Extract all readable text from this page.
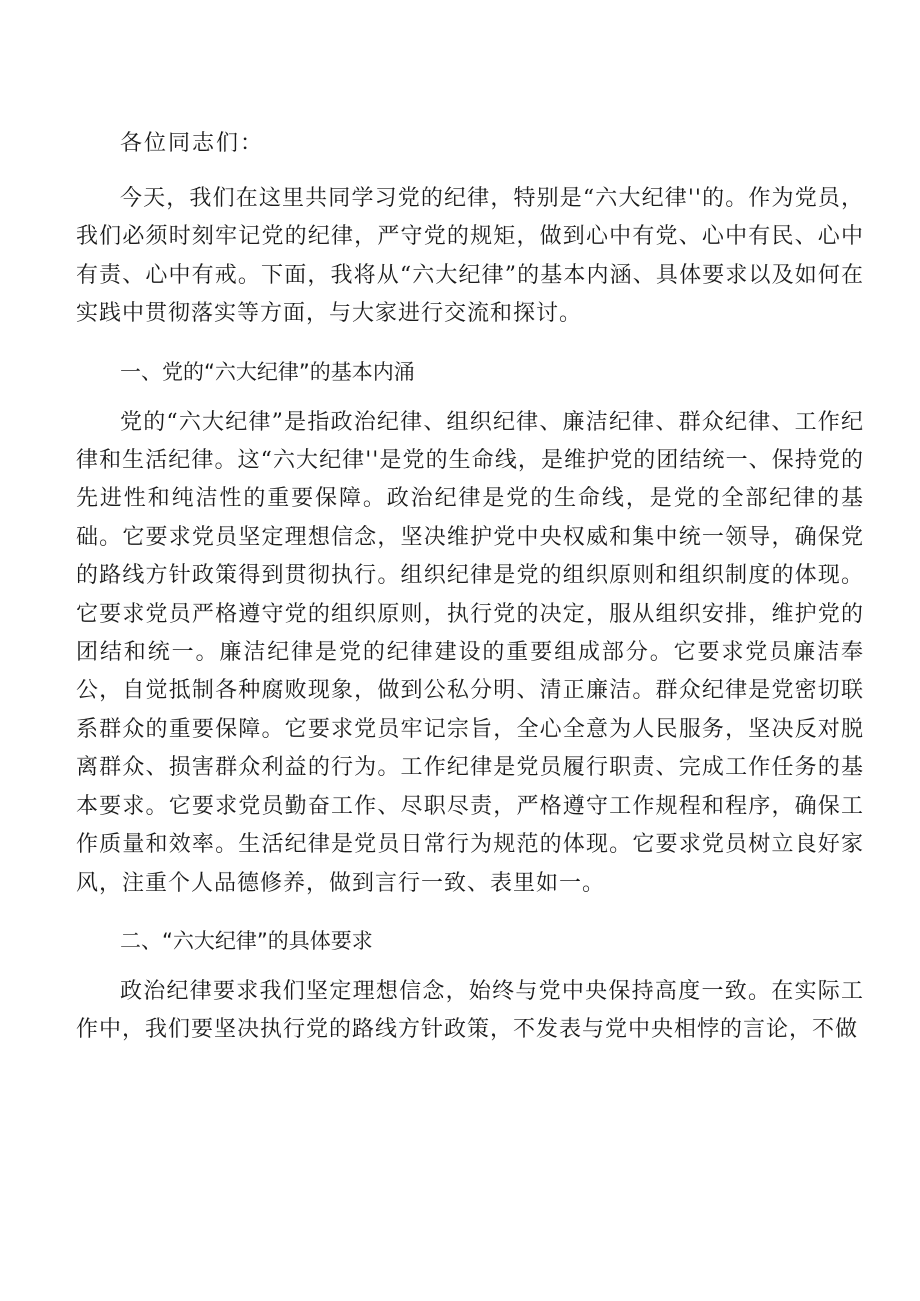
各位同志们：

今天，我们在这里共同学习党的纪律，特别是“六大纪律''的。作为党员，我们必须时刻牢记党的纪律，严守党的规矩，做到心中有党、心中有民、心中有责、心中有戒。下面，我将从“六大纪律”的基本内涵、具体要求以及如何在实践中贯彻落实等方面，与大家进行交流和探讨。

一、党的“六大纪律”的基本内涌

党的“六大纪律”是指政治纪律、组织纪律、廉洁纪律、群众纪律、工作纪律和生活纪律。这“六大纪律''是党的生命线，是维护党的团结统一、保持党的先进性和纯洁性的重要保障。政治纪律是党的生命线，是党的全部纪律的基础。它要求党员坚定理想信念，坚决维护党中央权威和集中统一领导，确保党的路线方针政策得到贯彻执行。组织纪律是党的组织原则和组织制度的体现。它要求党员严格遵守党的组织原则，执行党的决定，服从组织安排，维护党的团结和统一。廉洁纪律是党的纪律建设的重要组成部分。它要求党员廉洁奉公，自觉抵制各种腐败现象，做到公私分明、清正廉洁。群众纪律是党密切联系群众的重要保障。它要求党员牢记宗旨，全心全意为人民服务，坚决反对脱离群众、损害群众利益的行为。工作纪律是党员履行职责、完成工作任务的基本要求。它要求党员勤奋工作、尽职尽责，严格遵守工作规程和程序，确保工作质量和效率。生活纪律是党员日常行为规范的体现。它要求党员树立良好家风，注重个人品德修养，做到言行一致、表里如一。

二、“六大纪律”的具体要求

政治纪律要求我们坚定理想信念，始终与党中央保持高度一致。在实际工作中，我们要坚决执行党的路线方针政策，不发表与党中央相悖的言论，不做
